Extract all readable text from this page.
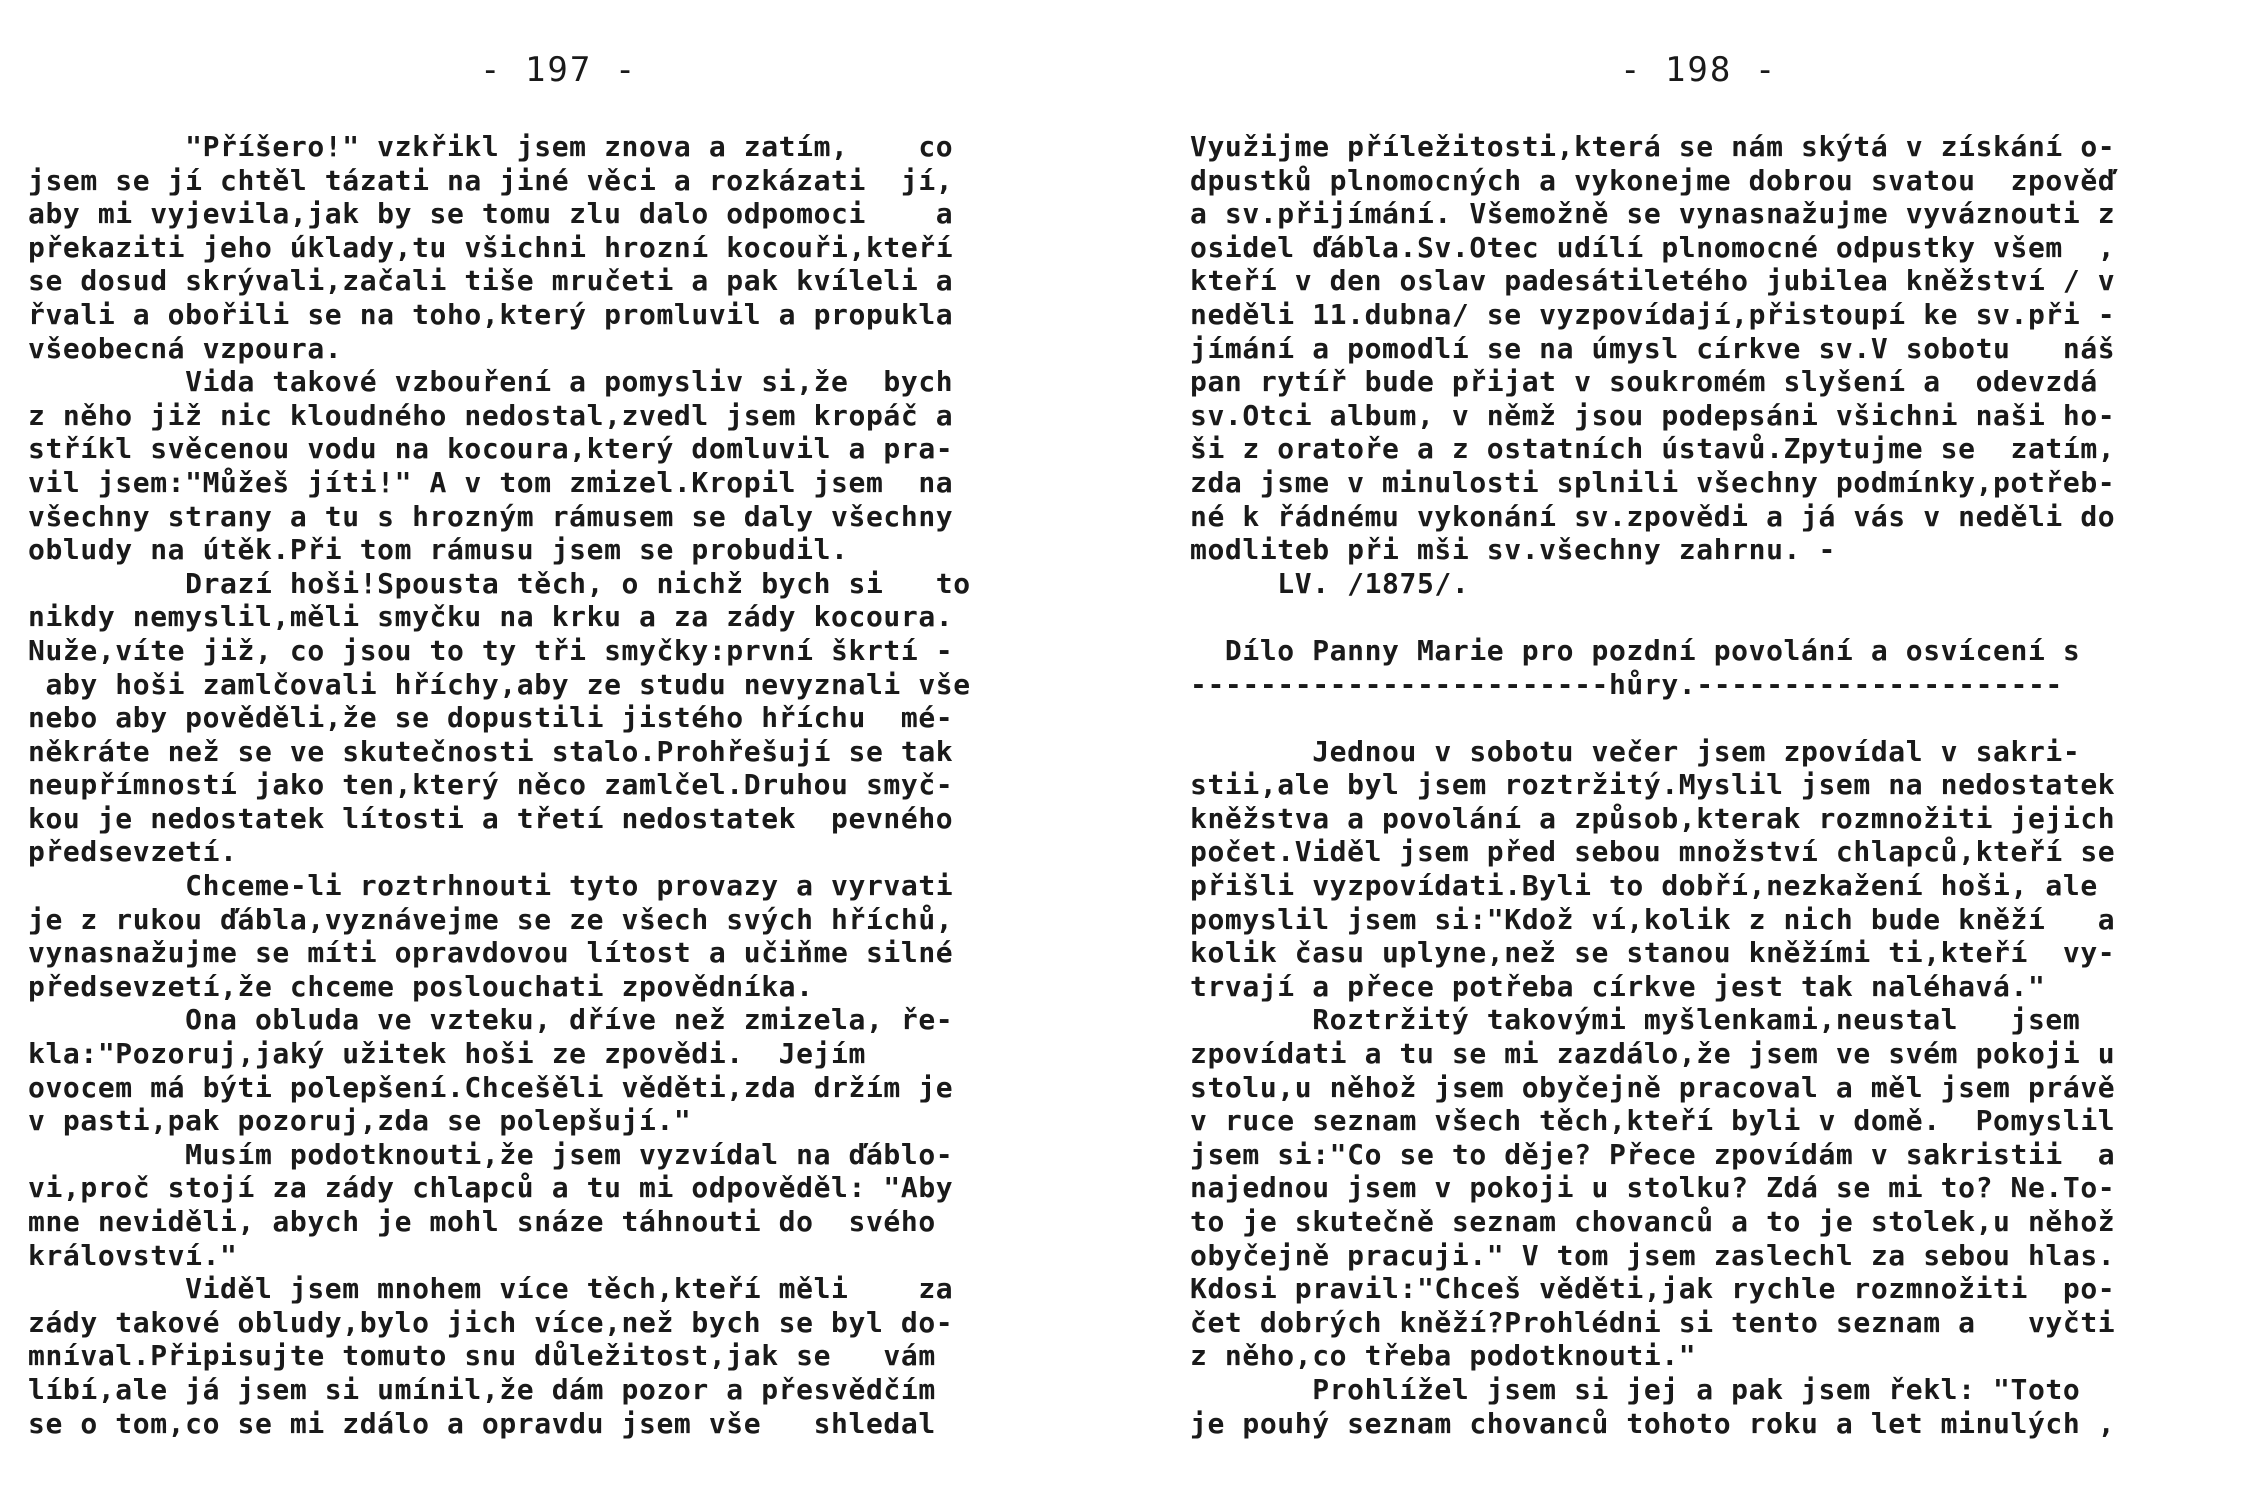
- 197 -
"Příšero!" vzkřikl jsem znova a zatím,    co
jsem se jí chtěl tázati na jiné věci a rozkázati  jí,
aby mi vyjevila,jak by se tomu zlu dalo odpomoci    a
překaziti jeho úklady,tu všichni hrozní kocouři,kteří
se dosud skrývali,začali tiše mručeti a pak kvíleli a
řvali a obořili se na toho,který promluvil a propukla
všeobecná vzpoura.
Vida takové vzbouření a pomysliv si,že  bych
z něho již nic kloudného nedostal,zvedl jsem kropáč a
stříkl svěcenou vodu na kocoura,který domluvil a pra-
vil jsem:"Můžeš jíti!" A v tom zmizel.Kropil jsem  na
všechny strany a tu s hrozným rámusem se daly všechny
obludy na útěk.Při tom rámusu jsem se probudil.
Drazí hoši!Spousta těch, o nichž bych si   to
nikdy nemyslil,měli smyčku na krku a za zády kocoura.
Nuže,víte již, co jsou to ty tři smyčky:první škrtí -
aby hoši zamlčovali hříchy,aby ze studu nevyznali vše
nebo aby pověděli,že se dopustili jistého hříchu  mé-
někráte než se ve skutečnosti stalo.Prohřešují se tak
neupřímností jako ten,který něco zamlčel.Druhou smyč-
kou je nedostatek lítosti a třetí nedostatek  pevného
předsevzetí.
Chceme-li roztrhnouti tyto provazy a vyrvati
je z rukou ďábla,vyznávejme se ze všech svých hříchů,
vynasnažujme se míti opravdovou lítost a učiňme silné
předsevzetí,že chceme poslouchati zpovědníka.
Ona obluda ve vzteku, dříve než zmizela, ře-
kla:"Pozoruj,jaký užitek hoši ze zpovědi.  Jejím
ovocem má býti polepšení.Chcešěli věděti,zda držím je
v pasti,pak pozoruj,zda se polepšují."
Musím podotknouti,že jsem vyzvídal na ďáblo-
vi,proč stojí za zády chlapců a tu mi odpověděl: "Aby
mne neviděli, abych je mohl snáze táhnouti do  svého
království."
Viděl jsem mnohem více těch,kteří měli    za
zády takové obludy,bylo jich více,než bych se byl do-
mníval.Připisujte tomuto snu důležitost,jak se   vám
líbí,ale já jsem si umínil,že dám pozor a přesvědčím
se o tom,co se mi zdálo a opravdu jsem vše   shledal
- 198 -
Využijme příležitosti,která se nám skýtá v získání o-
dpustků plnomocných a vykonejme dobrou svatou  zpověď
a sv.přijímání. Všemožně se vynasnažujme vyváznouti z
osidel ďábla.Sv.Otec udílí plnomocné odpustky všem  ,
kteří v den oslav padesátiletého jubilea kněžství / v
neděli 11.dubna/ se vyzpovídají,přistoupí ke sv.při -
jímání a pomodlí se na úmysl církve sv.V sobotu   náš
pan rytíř bude přijat v soukromém slyšení a  odevzdá
sv.Otci album, v němž jsou podepsáni všichni naši ho-
ši z oratoře a z ostatních ústavů.Zpytujme se  zatím,
zda jsme v minulosti splnili všechny podmínky,potřeb-
né k řádnému vykonání sv.zpovědi a já vás v neděli do
modliteb při mši sv.všechny zahrnu. -
LV. /1875/.
Dílo Panny Marie pro pozdní povolání a osvícení s
------------------------hůry.---------------------
Jednou v sobotu večer jsem zpovídal v sakri-
stii,ale byl jsem roztržitý.Myslil jsem na nedostatek
kněžstva a povolání a způsob,kterak rozmnožiti jejich
počet.Viděl jsem před sebou množství chlapců,kteří se
přišli vyzpovídati.Byli to dobří,nezkažení hoši, ale
pomyslil jsem si:"Kdož ví,kolik z nich bude kněží   a
kolik času uplyne,než se stanou kněžími ti,kteří  vy-
trvají a přece potřeba církve jest tak naléhavá."
Roztržitý takovými myšlenkami,neustal   jsem
zpovídati a tu se mi zazdálo,že jsem ve svém pokoji u
stolu,u něhož jsem obyčejně pracoval a měl jsem právě
v ruce seznam všech těch,kteří byli v domě.  Pomyslil
jsem si:"Co se to děje? Přece zpovídám v sakristii  a
najednou jsem v pokoji u stolku? Zdá se mi to? Ne.To-
to je skutečně seznam chovanců a to je stolek,u něhož
obyčejně pracuji." V tom jsem zaslechl za sebou hlas.
Kdosi pravil:"Chceš věděti,jak rychle rozmnožiti  po-
čet dobrých kněží?Prohlédni si tento seznam a   vyčti
z něho,co třeba podotknouti."
Prohlížel jsem si jej a pak jsem řekl: "Toto
je pouhý seznam chovanců tohoto roku a let minulých ,
